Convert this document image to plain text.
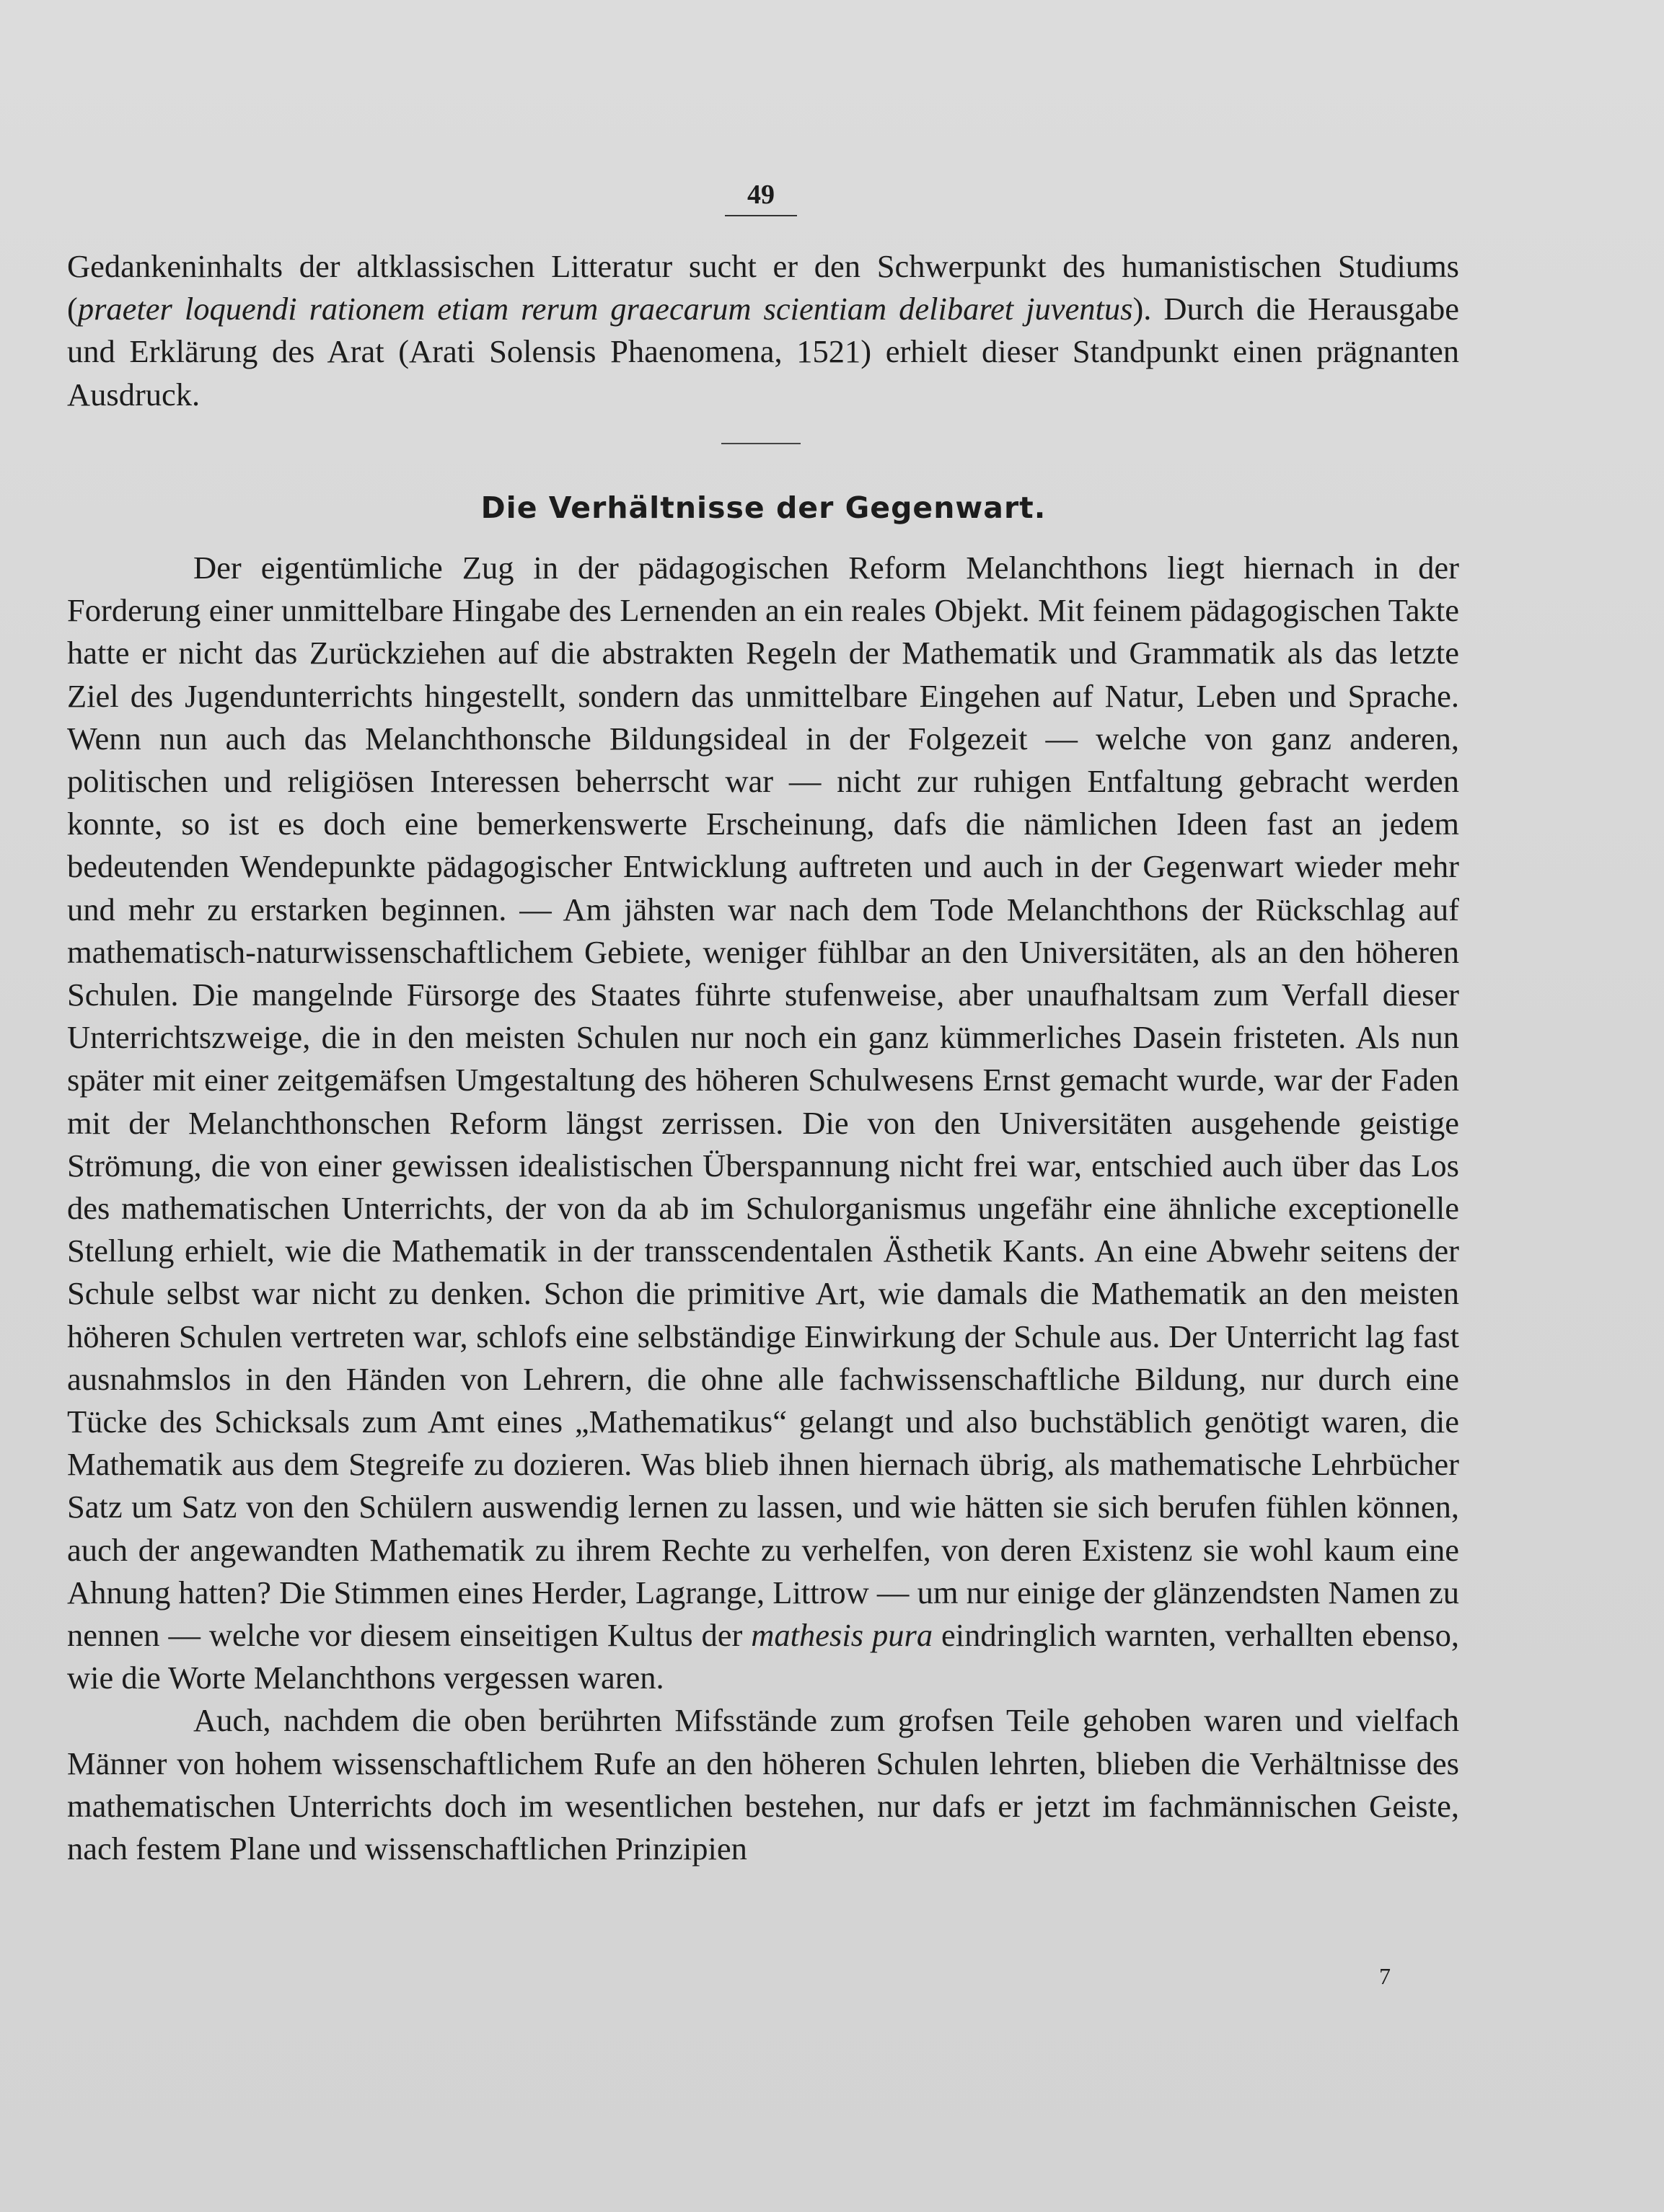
49

Gedankeninhalts der altklassischen Litteratur sucht er den Schwerpunkt des humanistischen Studiums (praeter loquendi rationem etiam rerum graecarum scientiam delibaret juventus). Durch die Herausgabe und Erklärung des Arat (Arati Solensis Phaenomena, 1521) erhielt dieser Standpunkt einen prägnanten Ausdruck.

Die Verhältnisse der Gegenwart.

Der eigentümliche Zug in der pädagogischen Reform Melanchthons liegt hiernach in der Forderung einer unmittelbare Hingabe des Lernenden an ein reales Objekt. Mit feinem pädagogischen Takte hatte er nicht das Zurückziehen auf die abstrakten Regeln der Mathematik und Grammatik als das letzte Ziel des Jugendunterrichts hingestellt, sondern das unmittelbare Eingehen auf Natur, Leben und Sprache. Wenn nun auch das Melanchthonsche Bildungsideal in der Folgezeit — welche von ganz anderen, politischen und religiösen Interessen beherrscht war — nicht zur ruhigen Entfaltung gebracht werden konnte, so ist es doch eine bemerkenswerte Erscheinung, dafs die nämlichen Ideen fast an jedem bedeutenden Wendepunkte pädagogischer Entwicklung auftreten und auch in der Gegenwart wieder mehr und mehr zu erstarken beginnen. — Am jähsten war nach dem Tode Melanchthons der Rückschlag auf mathematisch-naturwissenschaftlichem Gebiete, weniger fühlbar an den Universitäten, als an den höheren Schulen. Die mangelnde Fürsorge des Staates führte stufenweise, aber unaufhaltsam zum Verfall dieser Unterrichtszweige, die in den meisten Schulen nur noch ein ganz kümmerliches Dasein fristeten. Als nun später mit einer zeitgemäfsen Umgestaltung des höheren Schulwesens Ernst gemacht wurde, war der Faden mit der Melanchthonschen Reform längst zerrissen. Die von den Universitäten ausgehende geistige Strömung, die von einer gewissen idealistischen Überspannung nicht frei war, entschied auch über das Los des mathematischen Unterrichts, der von da ab im Schulorganismus ungefähr eine ähnliche exceptionelle Stellung erhielt, wie die Mathematik in der transscendentalen Ästhetik Kants. An eine Abwehr seitens der Schule selbst war nicht zu denken. Schon die primitive Art, wie damals die Mathematik an den meisten höheren Schulen vertreten war, schlofs eine selbständige Einwirkung der Schule aus. Der Unterricht lag fast ausnahmslos in den Händen von Lehrern, die ohne alle fachwissenschaftliche Bildung, nur durch eine Tücke des Schicksals zum Amt eines „Mathematikus“ gelangt und also buchstäblich genötigt waren, die Mathematik aus dem Stegreife zu dozieren. Was blieb ihnen hiernach übrig, als mathematische Lehrbücher Satz um Satz von den Schülern auswendig lernen zu lassen, und wie hätten sie sich berufen fühlen können, auch der angewandten Mathematik zu ihrem Rechte zu verhelfen, von deren Existenz sie wohl kaum eine Ahnung hatten? Die Stimmen eines Herder, Lagrange, Littrow — um nur einige der glänzendsten Namen zu nennen — welche vor diesem einseitigen Kultus der mathesis pura eindringlich warnten, verhallten ebenso, wie die Worte Melanchthons vergessen waren.

Auch, nachdem die oben berührten Mifsstände zum grofsen Teile gehoben waren und vielfach Männer von hohem wissenschaftlichem Rufe an den höheren Schulen lehrten, blieben die Verhältnisse des mathematischen Unterrichts doch im wesentlichen bestehen, nur dafs er jetzt im fachmännischen Geiste, nach festem Plane und wissenschaftlichen Prinzipien

7
